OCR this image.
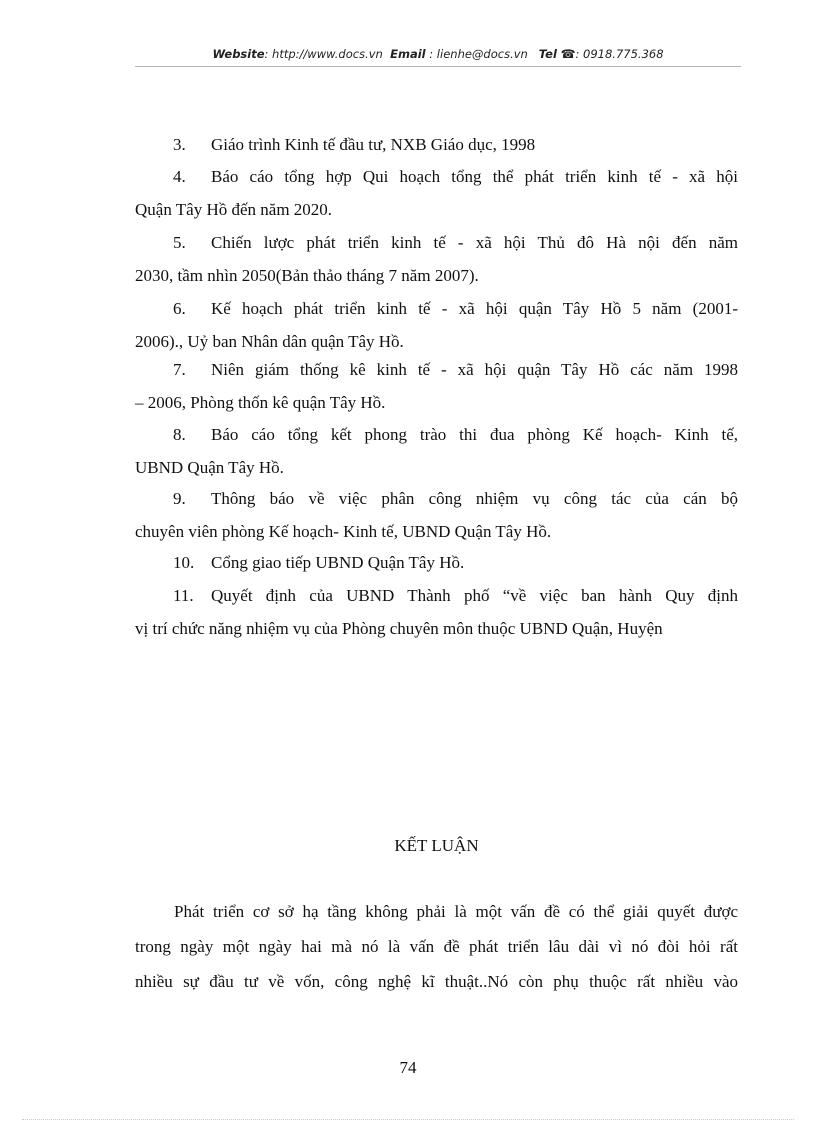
Website: http://www.docs.vn Email : lienhe@docs.vn Tel ☎: 0918.775.368
3.	Giáo trình Kinh tế đầu tư, NXB Giáo dục, 1998
4.	Báo cáo tổng hợp Qui hoạch tổng thể phát triển kinh tế - xã hội
Quận Tây Hồ đến năm 2020.
5.	Chiến lược phát triển kinh tế - xã hội Thủ đô Hà nội đến năm
2030, tầm nhìn 2050(Bản thảo tháng 7 năm 2007).
6.	Kế hoạch phát triển kinh tế - xã hội quận Tây Hồ 5 năm (2001-
2006)., Uỷ ban Nhân dân quận Tây Hồ.
7.	Niên giám thống kê kinh tế - xã hội quận Tây Hồ các năm 1998
– 2006, Phòng thốn kê quận Tây Hồ.
8.	Báo cáo tổng kết phong trào thi đua phòng Kế hoạch- Kinh tế,
UBND Quận Tây Hồ.
9.	Thông báo về việc phân công nhiệm vụ công tác của cán bộ
chuyên viên phòng Kế hoạch- Kinh tế, UBND Quận Tây Hồ.
10. Cổng giao tiếp UBND Quận Tây Hồ.
11.	Quyết định của UBND Thành phố “về việc ban hành Quy định
vị trí chức năng nhiệm vụ của Phòng chuyên môn thuộc UBND Quận, Huyện
KẾT LUẬN
Phát triển cơ sở hạ tầng không phải là một vấn đề có thể giải quyết được
trong ngày một ngày hai mà nó là vấn đề phát triển lâu dài vì nó đòi hỏi rất
nhiều sự đầu tư về vốn, công nghệ kĩ thuật..Nó còn phụ thuộc rất nhiều vào
74
